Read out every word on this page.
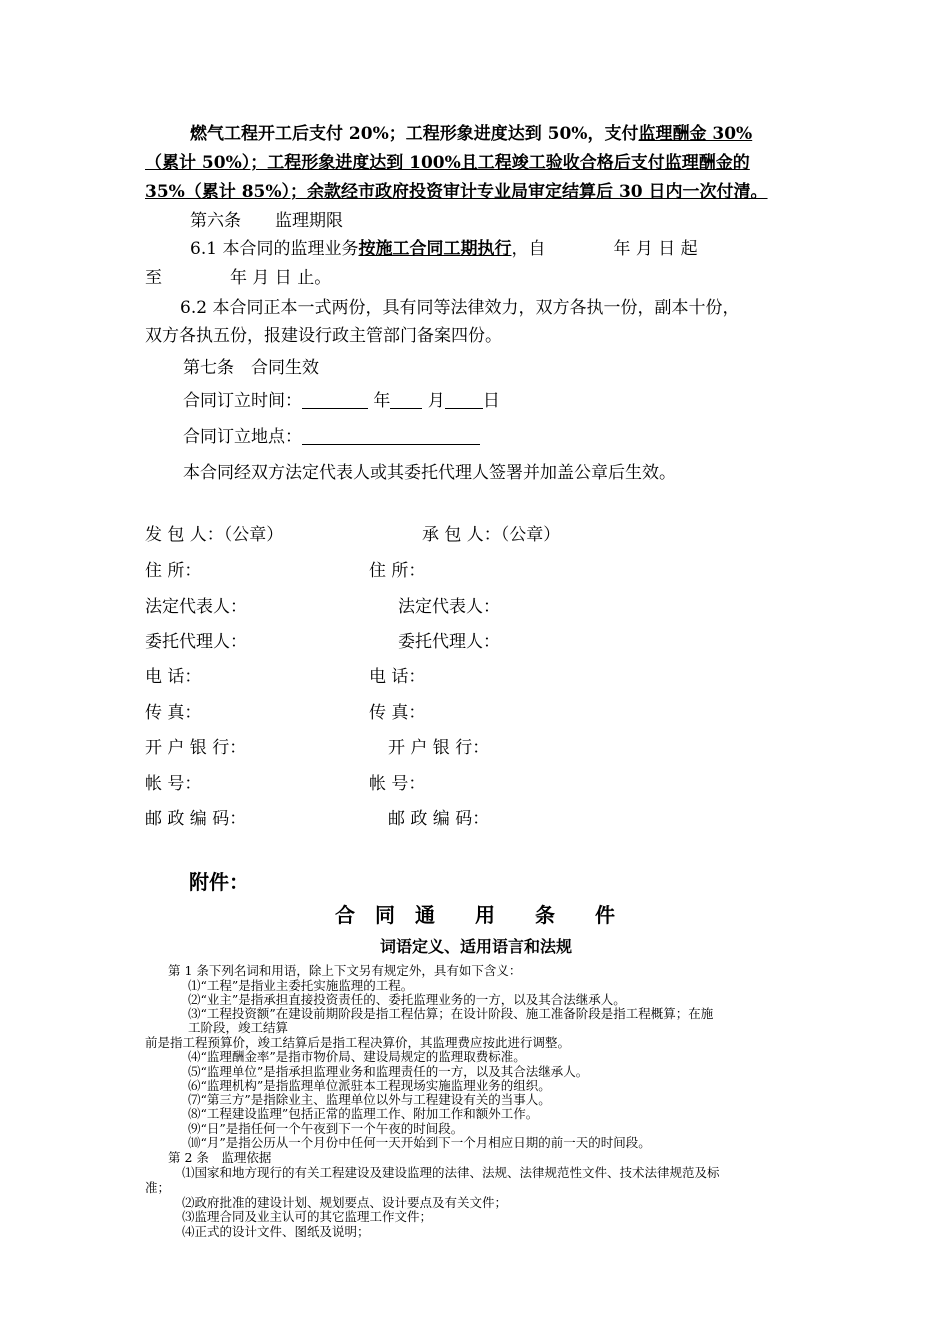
燃气工程开工后支付 20%；工程形象进度达到 50%，支付监理酬金 30%
（累计 50%）；工程形象进度达到 100%且工程竣工验收合格后支付监理酬金的
35%（累计 85%）；余款经市政府投资审计专业局审定结算后 30 日内一次付清。
第六条　　监理期限
6.1 本合同的监理业务按施工合同工期执行，自　　　　年 月 日 起
至　　　　年 月 日 止。
6.2 本合同正本一式两份，具有同等法律效力，双方各执一份，副本十份，
双方各执五份，报建设行政主管部门备案四份。
第七条　合同生效
合同订立时间：	年 月 日
合同订立地点：
本合同经双方法定代表人或其委托代理人签署并加盖公章后生效。
发 包 人：（公章）	承 包 人：（公章）
住 所：	住 所：
法定代表人：	法定代表人：
委托代理人：	委托代理人：
电 话：	电 话：
传 真：	传 真：
开 户 银 行：	开 户 银 行：
帐 号：	帐 号：
邮 政 编 码：	邮 政 编 码：
附件：
合　同　通　　用　　条　　件
词语定义、适用语言和法规
第 1 条下列名词和用语，除上下文另有规定外，具有如下含义：
⑴“工程”是指业主委托实施监理的工程。
⑵“业主”是指承担直接投资责任的、委托监理业务的一方，以及其合法继承人。
⑶“工程投资额”在建设前期阶段是指工程估算；在设计阶段、施工准备阶段是指工程概算；在施
工阶段，竣工结算
前是指工程预算价，竣工结算后是指工程决算价，其监理费应按此进行调整。
⑷“监理酬金率”是指市物价局、建设局规定的监理取费标准。
⑸“监理单位”是指承担监理业务和监理责任的一方，以及其合法继承人。
⑹“监理机构”是指监理单位派驻本工程现场实施监理业务的组织。
⑺“第三方”是指除业主、监理单位以外与工程建设有关的当事人。
⑻“工程建设监理”包括正常的监理工作、附加工作和额外工作。
⑼“日”是指任何一个午夜到下一个午夜的时间段。
⑽“月”是指公历从一个月份中任何一天开始到下一个月相应日期的前一天的时间段。
第 2 条　监理依据
⑴国家和地方现行的有关工程建设及建设监理的法律、法规、法律规范性文件、技术法律规范及标
准；
⑵政府批准的建设计划、规划要点、设计要点及有关文件；
⑶监理合同及业主认可的其它监理工作文件；
⑷正式的设计文件、图纸及说明；
